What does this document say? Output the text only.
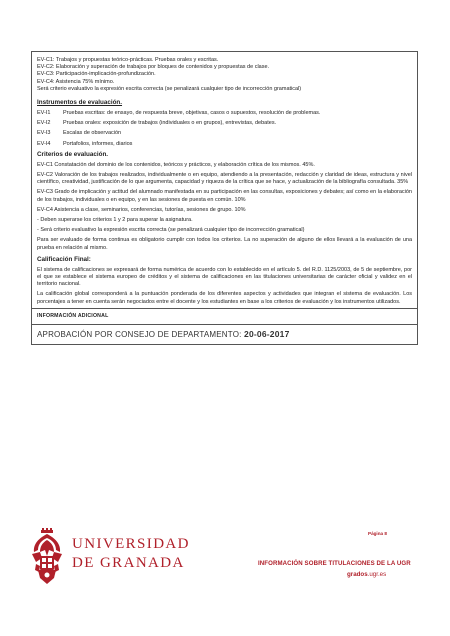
EV-C1: Trabajos y propuestas teórico-prácticas. Pruebas orales y escritas.

EV-C2: Elaboración y superación de trabajos por bloques de contenidos y propuestas de clase.

EV-C3: Participación-implicación-profundización.

EV-C4: Asistencia 75% mínimo.

Será criterio evaluativo la expresión escrita correcta (se penalizará cualquier tipo de incorrección gramatical)

Instrumentos de evaluación.

EV-I1	Pruebas escritas: de ensayo, de respuesta breve, objetivas, casos o supuestos, resolución de problemas.
EV-I2	Pruebas orales: exposición de trabajos (individuales o en grupos), entrevistas, debates.
EV-I3	Escalas de observación
EV-I4	Portafolios, informes, diarios

Criterios de evaluación.

EV-C1 Constatación del dominio de los contenidos, teóricos y prácticos, y elaboración crítica de los mismos. 45%.

EV-C2 Valoración de los trabajos realizados, individualmente o en equipo, atendiendo a la presentación, redacción y claridad de ideas, estructura y nivel científico, creatividad, justificación de lo que argumenta, capacidad y riqueza de la crítica que se hace, y actualización de la bibliografía consultada. 35%

EV-C3 Grado de implicación y actitud del alumnado manifestada en su participación en las consultas, exposiciones y debates; así como en la elaboración de los trabajos, individuales o en equipo, y en las sesiones de puesta en común. 10%

EV-C4 Asistencia a clase, seminarios, conferencias, tutorías, sesiones de grupo. 10%

- Deben superarse los criterios 1 y 2 para superar la asignatura.

- Será criterio evaluativo la expresión escrita correcta (se penalizará cualquier tipo de incorrección gramatical)

Para ser evaluado de forma continua es obligatorio cumplir con todos los criterios. La no superación de alguno de ellos llevará a la evaluación de una prueba en relación al mismo.

Calificación Final:

El sistema de calificaciones se expresará de forma numérica de acuerdo con lo establecido en el artículo 5. del R.D. 1125/2003, de 5 de septiembre, por el que se establece el sistema europeo de créditos y el sistema de calificaciones en las titulaciones universitarias de carácter oficial y validez en el territorio nacional.

La calificación global corresponderá a la puntuación ponderada de los diferentes aspectos y actividades que integran el sistema de evaluación. Los porcentajes a tener en cuenta serán negociados entre el docente y los estudiantes en base a los criterios de evaluación y los instrumentos utilizados.

INFORMACIÓN ADICIONAL
APROBACIÓN POR CONSEJO DE DEPARTAMENTO: 20-06-2017
UNIVERSIDAD
DE GRANADA
Página 8
INFORMACIÓN SOBRE TITULACIONES DE LA UGR
grados.ugr.es
